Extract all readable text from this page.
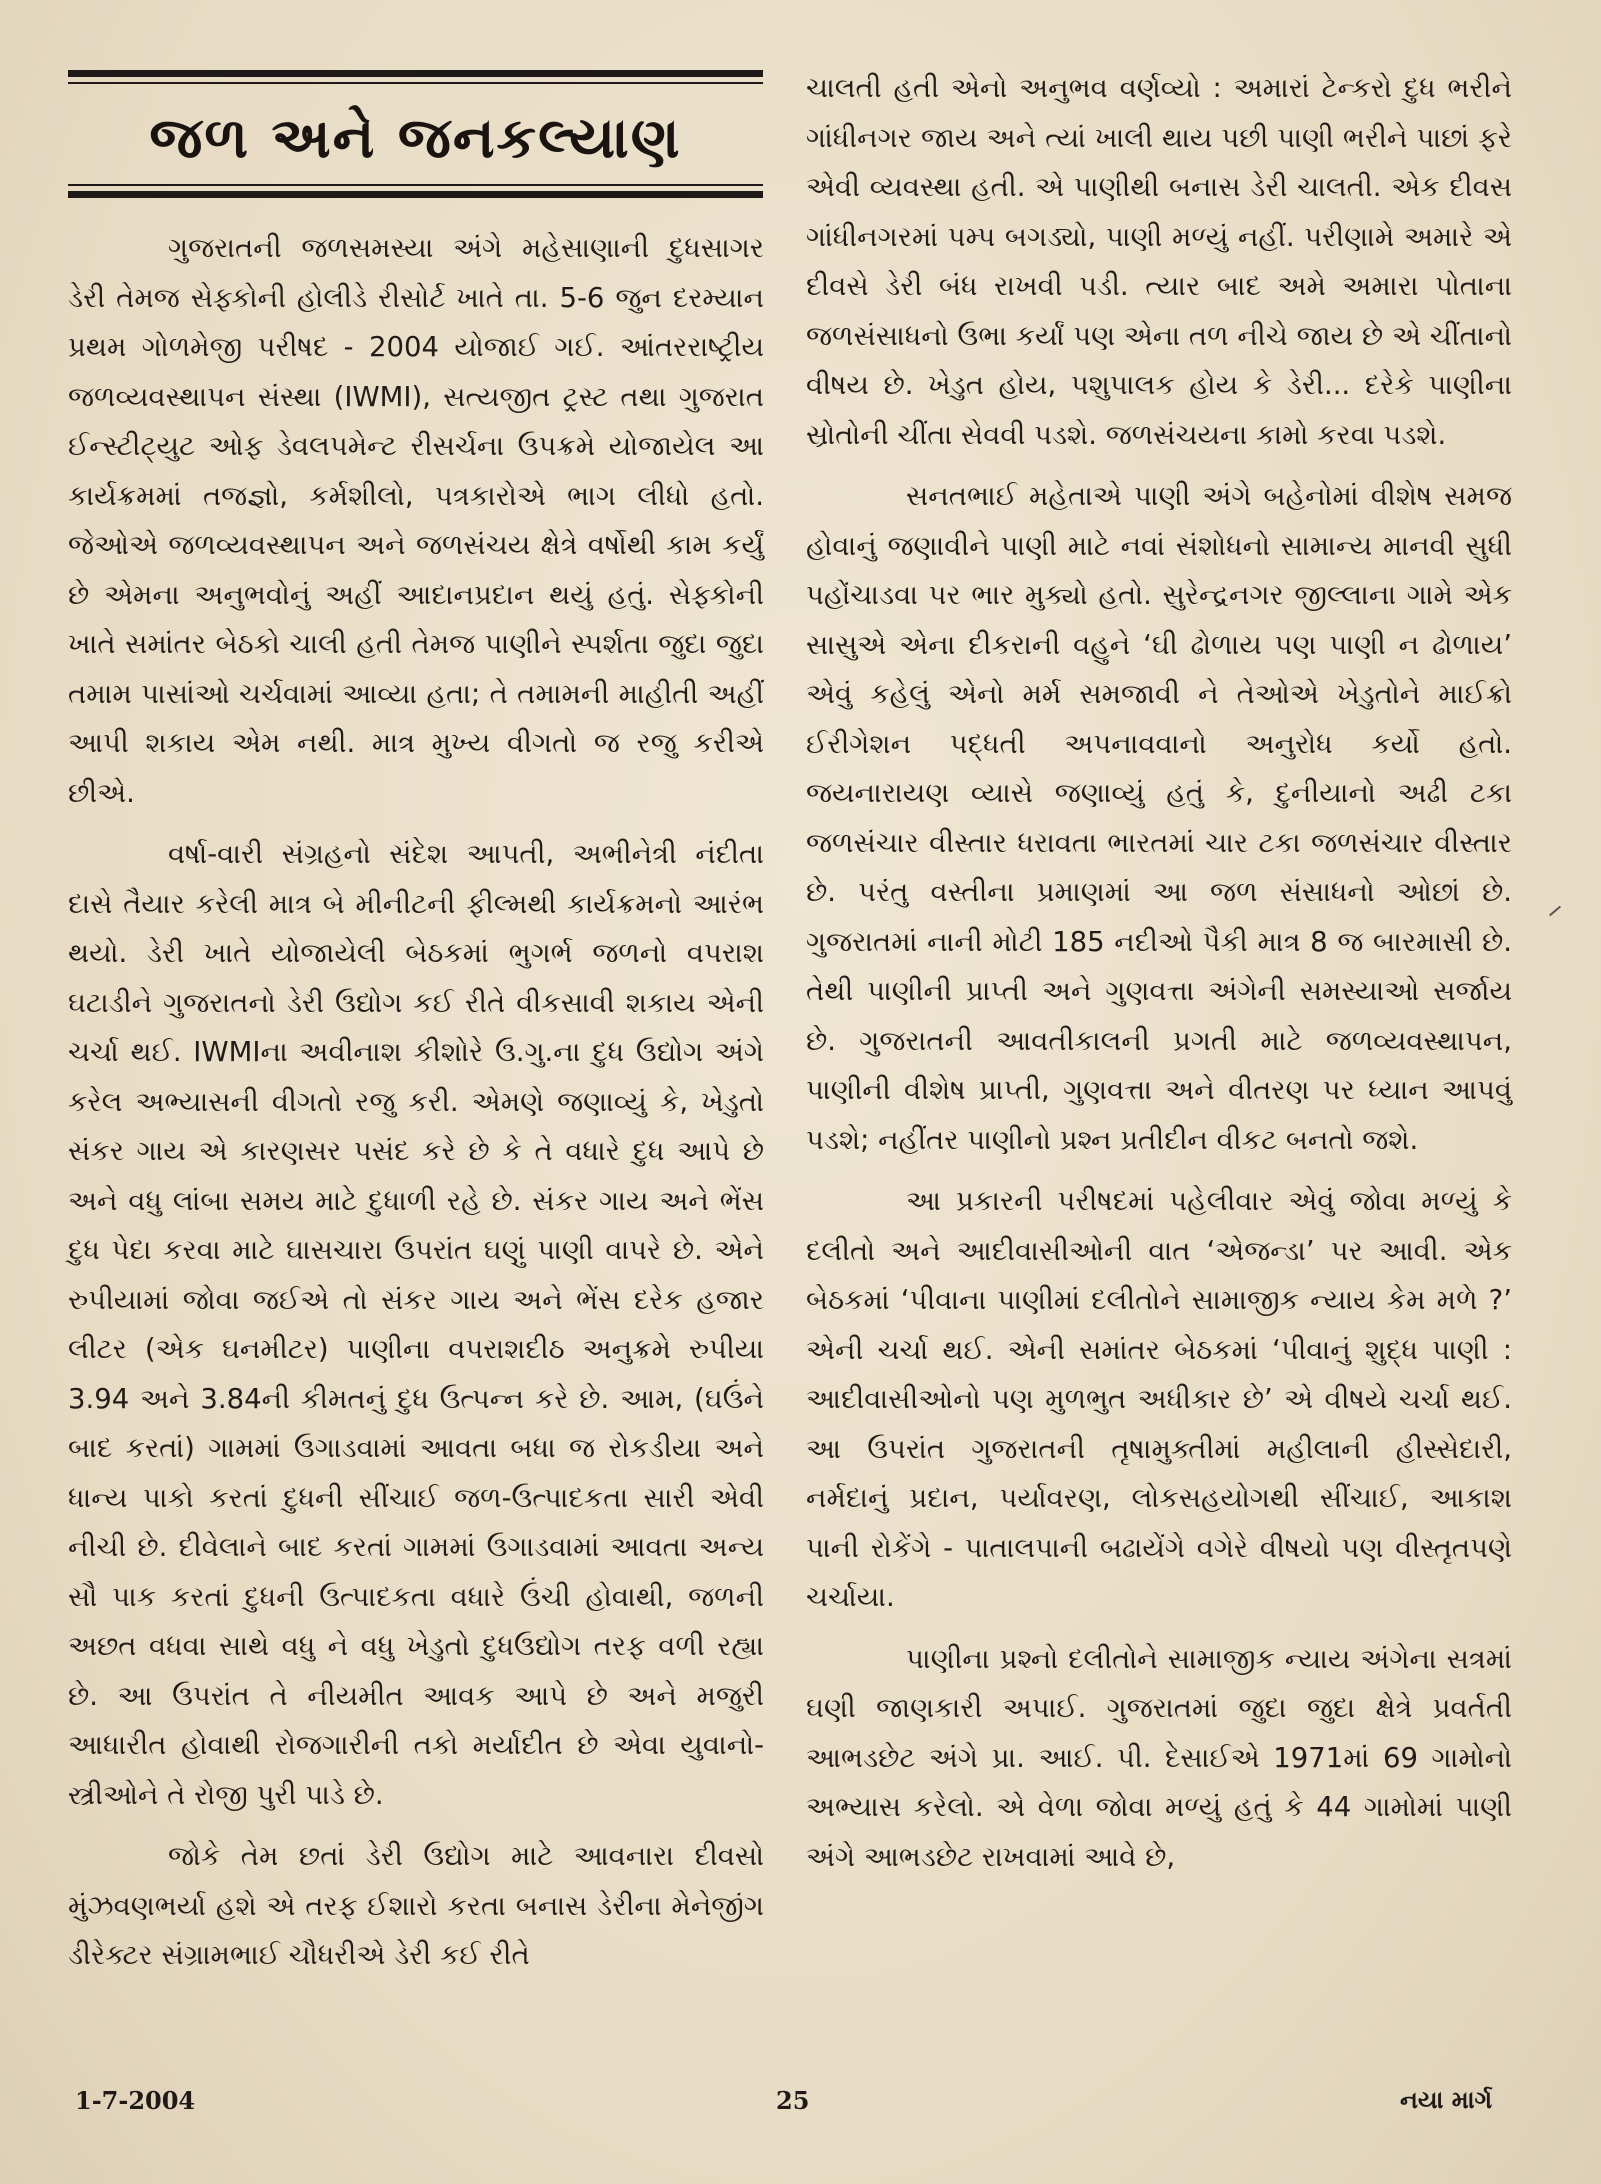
જળ અને જનકલ્યાણ

ગુજરાતની જળસમસ્યા અંગે મહેસાણાની દુધસાગર ડેરી તેમજ સેફ્કોની હોલીડે રીસોર્ટ ખાતે તા. 5-6 જુન દરમ્યાન પ્રથમ ગોળમેજી પરીષદ - 2004 યોજાઈ ગઈ. આંતરરાષ્ટ્રીય જળવ્યવસ્થાપન સંસ્થા (IWMI), સત્યજીત ટ્રસ્ટ તથા ગુજરાત ઈન્સ્ટીટ્યુટ ઓફ ડેવલપમેન્ટ રીસર્ચના ઉપક્રમે યોજાયેલ આ કાર્યક્રમમાં તજજ્ઞો, કર્મશીલો, પત્રકારોએ ભાગ લીધો હતો. જેઓએ જળવ્યવસ્થાપન અને જળસંચય ક્ષેત્રે વર્ષોથી કામ કર્યું છે એમના અનુભવોનું અહીં આદાનપ્રદાન થયું હતું. સેફ્કોની ખાતે સમાંતર બેઠકો ચાલી હતી તેમજ પાણીને સ્પર્શતા જુદા જુદા તમામ પાસાંઓ ચર્ચવામાં આવ્યા હતા; તે તમામની માહીતી અહીં આપી શકાય એમ નથી. માત્ર મુખ્ય વીગતો જ રજુ કરીએ છીએ.

વર્ષા-વારી સંગ્રહનો સંદેશ આપતી, અભીનેત્રી નંદીતા દાસે તૈયાર કરેલી માત્ર બે મીનીટની ફીલ્મથી કાર્યક્રમનો આરંભ થયો. ડેરી ખાતે યોજાયેલી બેઠકમાં ભુગર્ભ જળનો વપરાશ ઘટાડીને ગુજરાતનો ડેરી ઉદ્યોગ કઈ રીતે વીકસાવી શકાય એની ચર્ચા થઈ. IWMIના અવીનાશ કીશોરે ઉ.ગુ.ના દુધ ઉદ્યોગ અંગે કરેલ અભ્યાસની વીગતો રજુ કરી. એમણે જણાવ્યું કે, ખેડુતો સંકર ગાય એ કારણસર પસંદ કરે છે કે તે વધારે દુધ આપે છે અને વધુ લાંબા સમય માટે દુધાળી રહે છે. સંકર ગાય અને ભેંસ દુધ પેદા કરવા માટે ઘાસચારા ઉપરાંત ઘણું પાણી વાપરે છે. એને રુપીયામાં જોવા જઈએ તો સંકર ગાય અને ભેંસ દરેક હજાર લીટર (એક ઘનમીટર) પાણીના વપરાશદીઠ અનુક્રમે રુપીયા 3.94 અને 3.84ની કીમતનું દુધ ઉત્પન્ન કરે છે. આમ, (ઘઉંને બાદ કરતાં) ગામમાં ઉગાડવામાં આવતા બધા જ રોકડીયા અને ધાન્ય પાકો કરતાં દુધની સીંચાઈ જળ-ઉત્પાદકતા સારી એવી નીચી છે. દીવેલાને બાદ કરતાં ગામમાં ઉગાડવામાં આવતા અન્ય સૌ પાક કરતાં દુધની ઉત્પાદકતા વધારે ઉંચી હોવાથી, જળની અછત વધવા સાથે વધુ ને વધુ ખેડુતો દુધઉદ્યોગ તરફ વળી રહ્યા છે. આ ઉપરાંત તે નીયમીત આવક આપે છે અને મજુરી આધારીત હોવાથી રોજગારીની તકો મર્યાદીત છે એવા યુવાનો-સ્ત્રીઓને તે રોજી પુરી પાડે છે.

જોકે તેમ છતાં ડેરી ઉદ્યોગ માટે આવનારા દીવસો મુંઝવણભર્યા હશે એ તરફ ઈશારો કરતા બનાસ ડેરીના મેનેજીંગ ડીરેક્ટર સંગ્રામભાઈ ચૌધરીએ ડેરી કઈ રીતે

ચાલતી હતી એનો અનુભવ વર્ણવ્યો : અમારાં ટેન્કરો દુધ ભરીને ગાંધીનગર જાય અને ત્યાં ખાલી થાય પછી પાણી ભરીને પાછાં ફરે એવી વ્યવસ્થા હતી. એ પાણીથી બનાસ ડેરી ચાલતી. એક દીવસ ગાંધીનગરમાં પમ્પ બગડ્યો, પાણી મળ્યું નહીં. પરીણામે અમારે એ દીવસે ડેરી બંધ રાખવી પડી. ત્યાર બાદ અમે અમારા પોતાના જળસંસાધનો ઉભા કર્યાં પણ એના તળ નીચે જાય છે એ ચીંતાનો વીષય છે. ખેડુત હોય, પશુપાલક હોય કે ડેરી... દરેકે પાણીના સ્રોતોની ચીંતા સેવવી પડશે. જળસંચયના કામો કરવા પડશે.

સનતભાઈ મહેતાએ પાણી અંગે બહેનોમાં વીશેષ સમજ હોવાનું જણાવીને પાણી માટે નવાં સંશોધનો સામાન્ય માનવી સુધી પહોંચાડવા પર ભાર મુક્યો હતો. સુરેન્દ્રનગર જીલ્લાના ગામે એક સાસુએ એના દીકરાની વહુને ‘ઘી ઢોળાય પણ પાણી ન ઢોળાય’ એવું કહેલું એનો મર્મ સમજાવી ને તેઓએ ખેડુતોને માઈક્રો ઈરીગેશન પદ્ધતી અપનાવવાનો અનુરોધ કર્યો હતો. જયનારાયણ વ્યાસે જણાવ્યું હતું કે, દુનીયાનો અઢી ટકા જળસંચાર વીસ્તાર ધરાવતા ભારતમાં ચાર ટકા જળસંચાર વીસ્તાર છે. પરંતુ વસ્તીના પ્રમાણમાં આ જળ સંસાધનો ઓછાં છે. ગુજરાતમાં નાની મોટી 185 નદીઓ પૈકી માત્ર 8 જ બારમાસી છે. તેથી પાણીની પ્રાપ્તી અને ગુણવત્તા અંગેની સમસ્યાઓ સર્જાય છે. ગુજરાતની આવતીકાલની પ્રગતી માટે જળવ્યવસ્થાપન, પાણીની વીશેષ પ્રાપ્તી, ગુણવત્તા અને વીતરણ પર ધ્યાન આપવું પડશે; નહીંતર પાણીનો પ્રશ્ન પ્રતીદીન વીકટ બનતો જશે.

આ પ્રકારની પરીષદમાં પહેલીવાર એવું જોવા મળ્યું કે દલીતો અને આદીવાસીઓની વાત ‘એજન્ડા’ પર આવી. એક બેઠકમાં ‘પીવાના પાણીમાં દલીતોને સામાજીક ન્યાય કેમ મળે ?’ એની ચર્ચા થઈ. એની સમાંતર બેઠકમાં ‘પીવાનું શુદ્ધ પાણી : આદીવાસીઓનો પણ મુળભુત અધીકાર છે’ એ વીષયે ચર્ચા થઈ. આ ઉપરાંત ગુજરાતની તૃષામુક્તીમાં મહીલાની હીસ્સેદારી, નર્મદાનું પ્રદાન, પર્યાવરણ, લોકસહયોગથી સીંચાઈ, આકાશ પાની રોકેંગે - પાતાલપાની બઢાયેંગે વગેરે વીષયો પણ વીસ્તૃતપણે ચર્ચાયા.

પાણીના પ્રશ્નો દલીતોને સામાજીક ન્યાય અંગેના સત્રમાં ઘણી જાણકારી અપાઈ. ગુજરાતમાં જુદા જુદા ક્ષેત્રે પ્રવર્તતી આભડછેટ અંગે પ્રા. આઈ. પી. દેસાઈએ 1971માં 69 ગામોનો અભ્યાસ કરેલો. એ વેળા જોવા મળ્યું હતું કે 44 ગામોમાં પાણી અંગે આભડછેટ રાખવામાં આવે છે,

1-7-2004	25	નયા માર્ગ
